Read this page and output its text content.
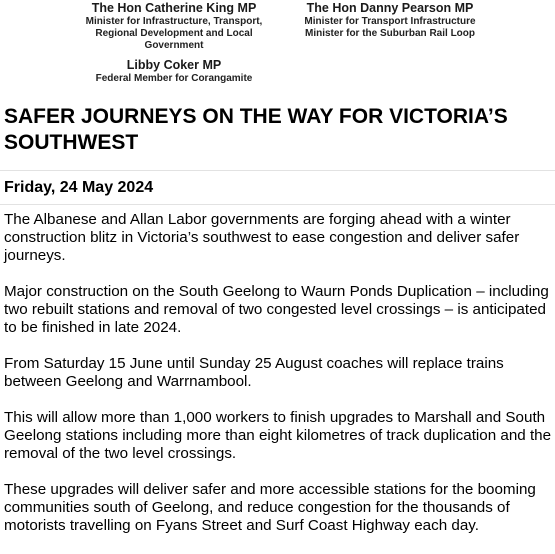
The Hon Catherine King MP
Minister for Infrastructure, Transport,
Regional Development and Local
Government
The Hon Danny Pearson MP
Minister for Transport Infrastructure
Minister for the Suburban Rail Loop
Libby Coker MP
Federal Member for Corangamite
SAFER JOURNEYS ON THE WAY FOR VICTORIA’S SOUTHWEST
Friday, 24 May 2024

The Albanese and Allan Labor governments are forging ahead with a winter construction blitz in Victoria’s southwest to ease congestion and deliver safer journeys.

Major construction on the South Geelong to Waurn Ponds Duplication – including two rebuilt stations and removal of two congested level crossings – is anticipated to be finished in late 2024.

From Saturday 15 June until Sunday 25 August coaches will replace trains between Geelong and Warrnambool.

This will allow more than 1,000 workers to finish upgrades to Marshall and South Geelong stations including more than eight kilometres of track duplication and the removal of the two level crossings.

These upgrades will deliver safer and more accessible stations for the booming communities south of Geelong, and reduce congestion for the thousands of motorists travelling on Fyans Street and Surf Coast Highway each day.
